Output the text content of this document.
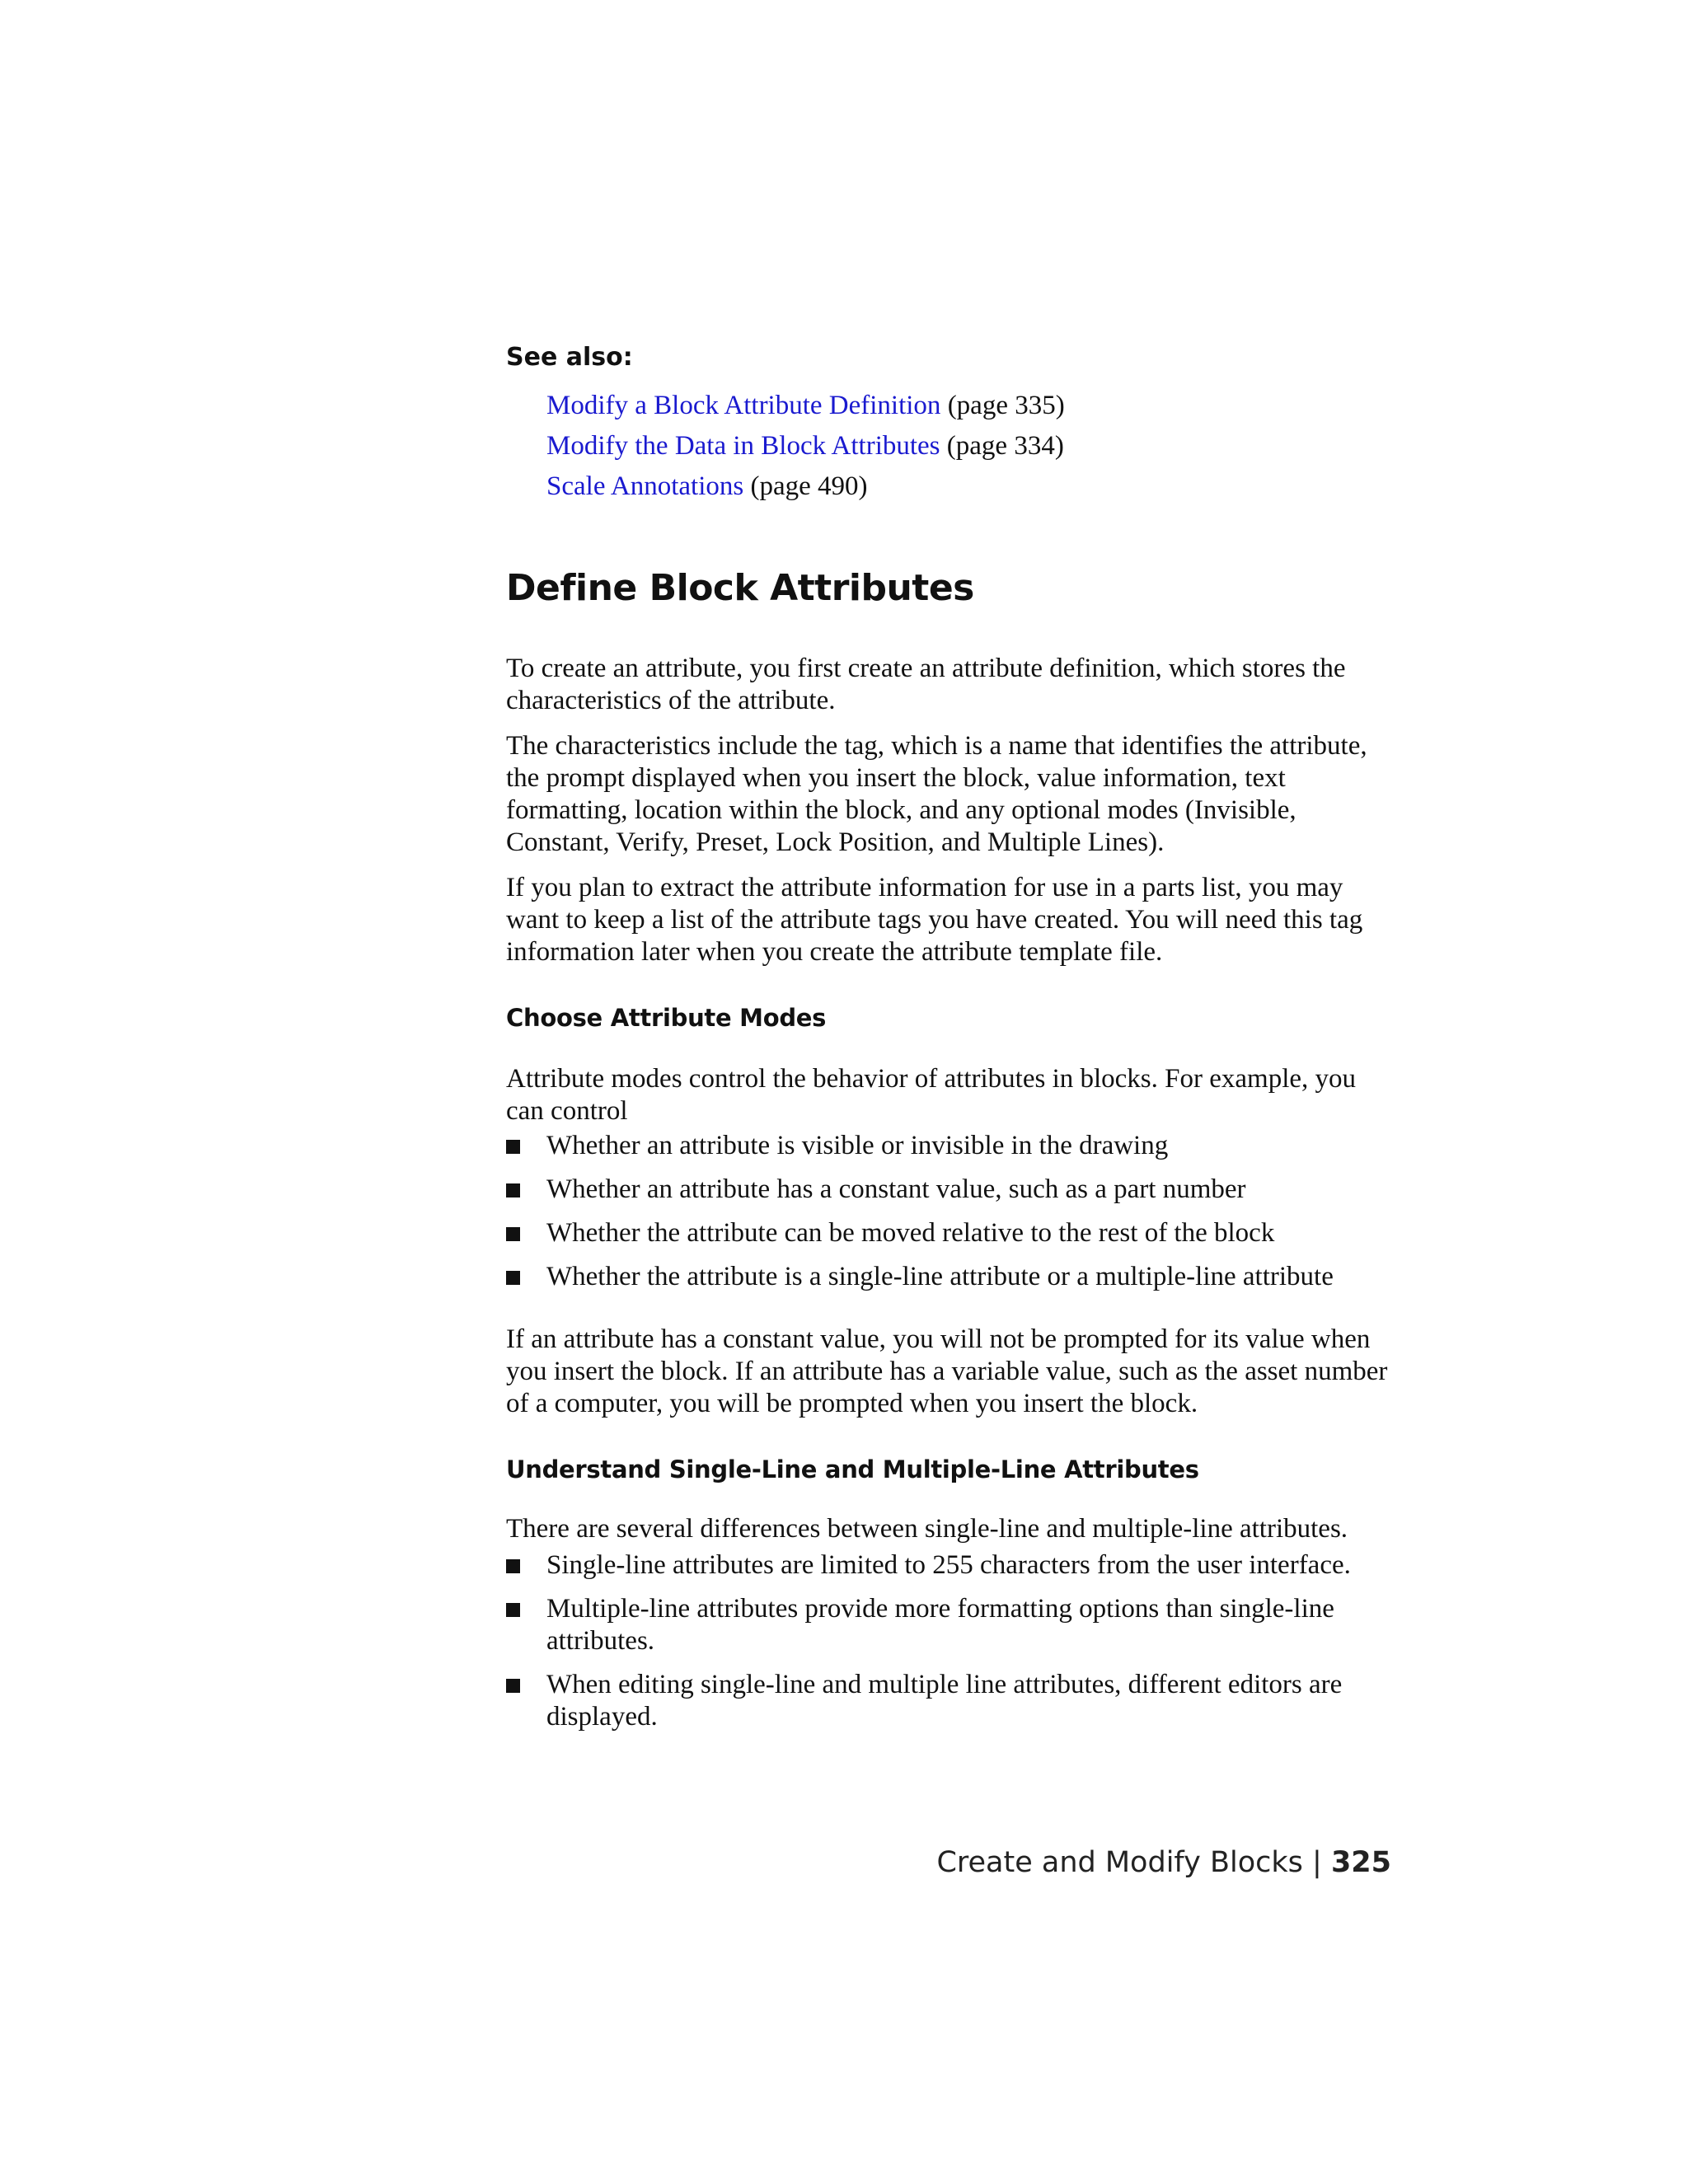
See also:
Modify a Block Attribute Definition (page 335)
Modify the Data in Block Attributes (page 334)
Scale Annotations (page 490)
Define Block Attributes

To create an attribute, you first create an attribute definition, which stores the characteristics of the attribute.

The characteristics include the tag, which is a name that identifies the attribute, the prompt displayed when you insert the block, value information, text formatting, location within the block, and any optional modes (Invisible, Constant, Verify, Preset, Lock Position, and Multiple Lines).

If you plan to extract the attribute information for use in a parts list, you may want to keep a list of the attribute tags you have created. You will need this tag information later when you create the attribute template file.

Choose Attribute Modes

Attribute modes control the behavior of attributes in blocks. For example, you can control

Whether an attribute is visible or invisible in the drawing
Whether an attribute has a constant value, such as a part number
Whether the attribute can be moved relative to the rest of the block
Whether the attribute is a single-line attribute or a multiple-line attribute

If an attribute has a constant value, you will not be prompted for its value when you insert the block. If an attribute has a variable value, such as the asset number of a computer, you will be prompted when you insert the block.

Understand Single-Line and Multiple-Line Attributes

There are several differences between single-line and multiple-line attributes.

Single-line attributes are limited to 255 characters from the user interface.
Multiple-line attributes provide more formatting options than single-line attributes.
When editing single-line and multiple line attributes, different editors are displayed.
Create and Modify Blocks | 325
